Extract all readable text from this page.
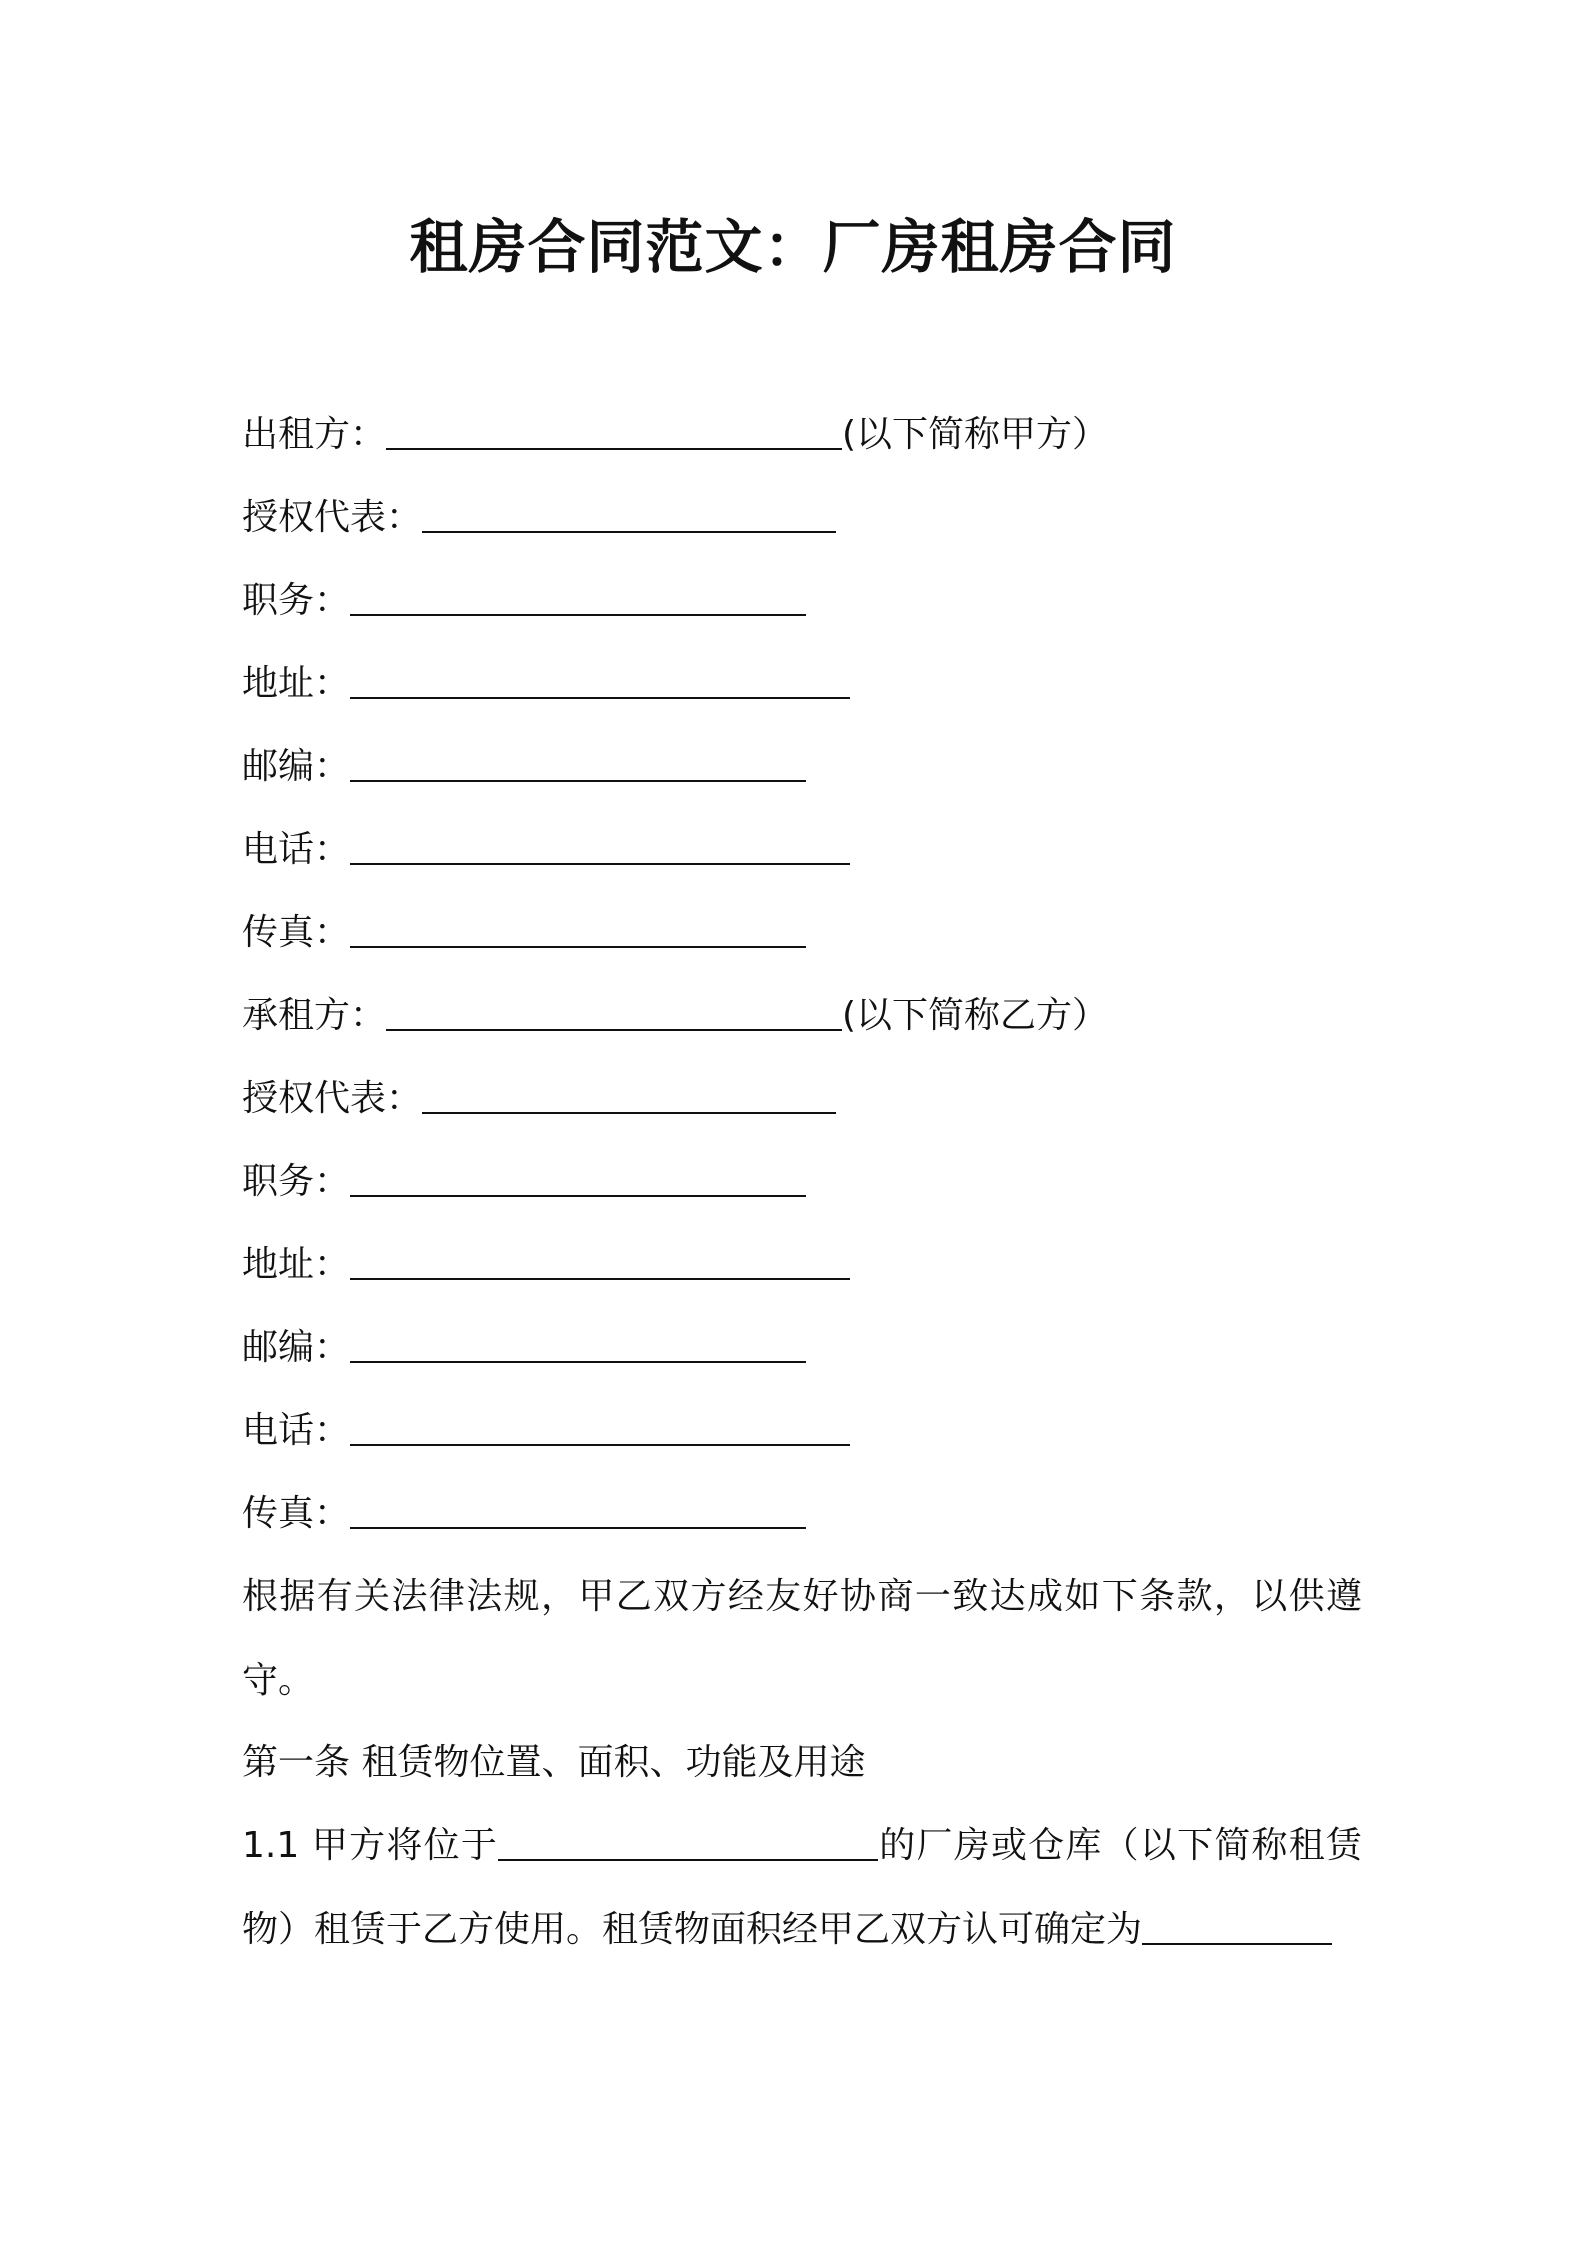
租房合同范文：厂房租房合同

出租方：	(以下简称甲方）

授权代表：

职务：

地址：

邮编：

电话：

传真：

承租方：	(以下简称乙方）

授权代表：

职务：

地址：

邮编：

电话：

传真：

根据有关法律法规，甲乙双方经友好协商一致达成如下条款，以供遵守。

第一条 租赁物位置、面积、功能及用途

1.1 甲方将位于	的厂房或仓库（以下简称租赁物）租赁于乙方使用。租赁物面积经甲乙双方认可确定为
